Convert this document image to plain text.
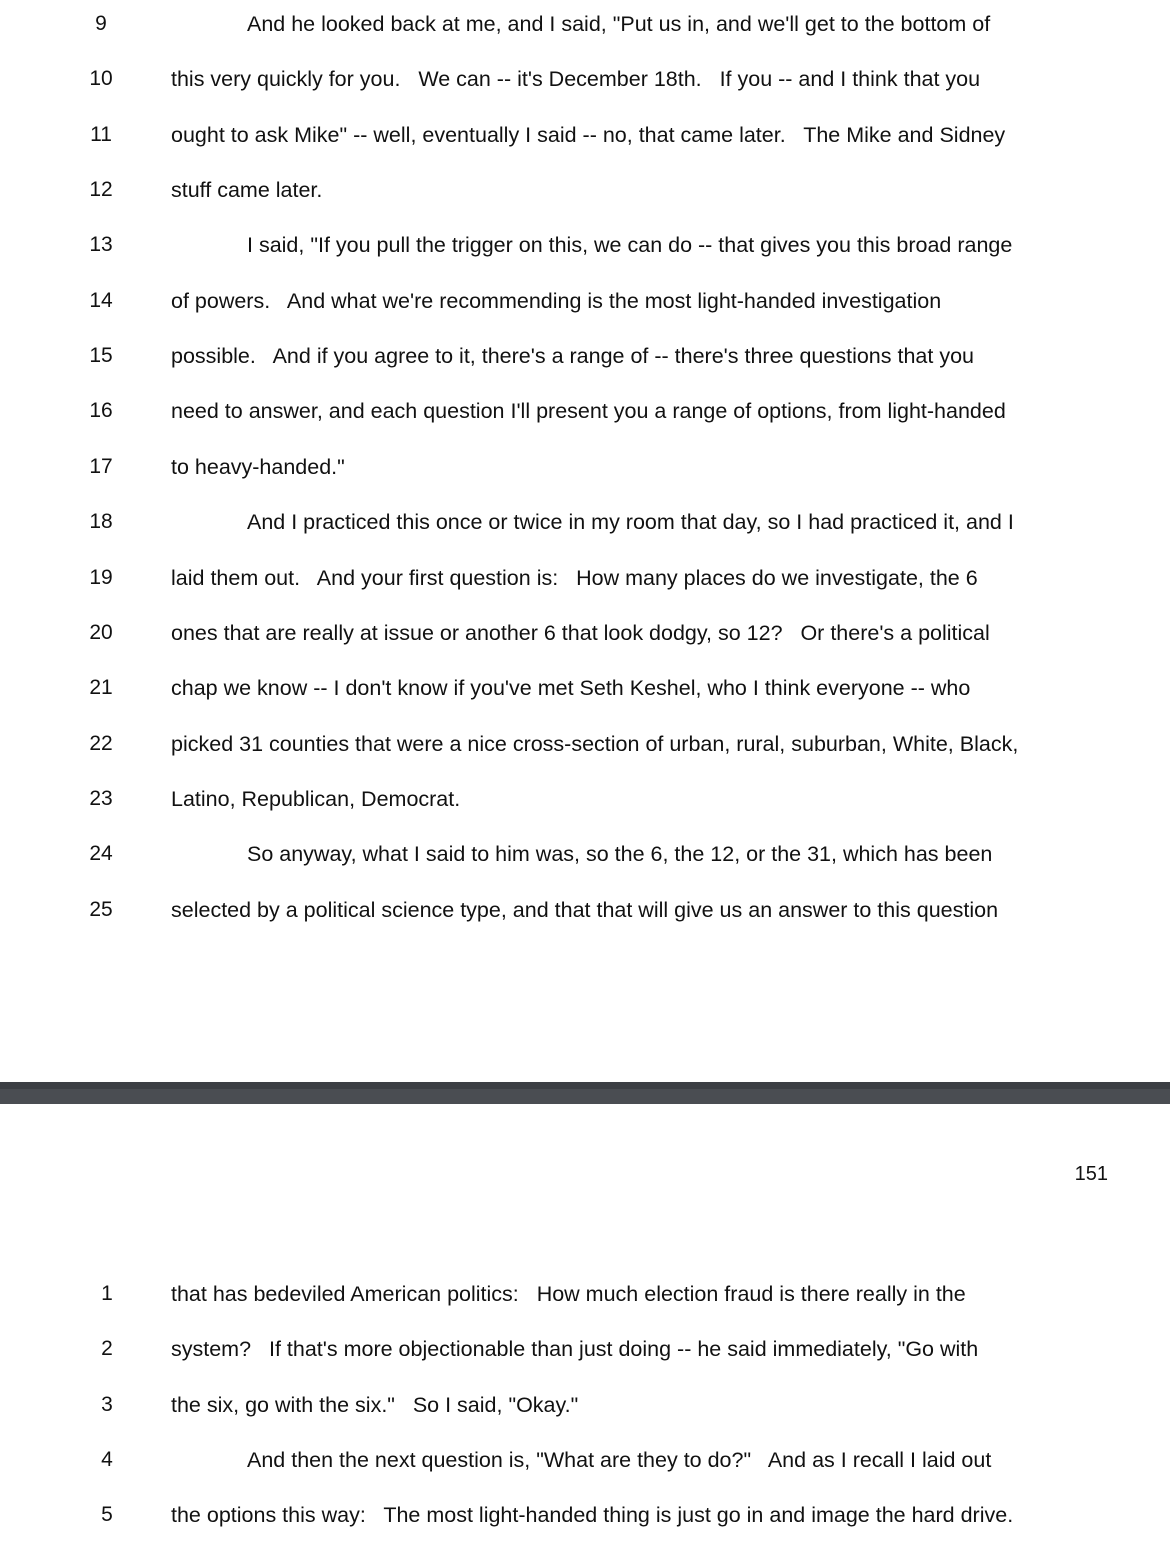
9	And he looked back at me, and I said, "Put us in, and we'll get to the bottom of
10	this very quickly for you.   We can -- it's December 18th.   If you -- and I think that you
11	ought to ask Mike" -- well, eventually I said -- no, that came later.   The Mike and Sidney
12	stuff came later.
13	I said, "If you pull the trigger on this, we can do -- that gives you this broad range
14	of powers.   And what we're recommending is the most light-handed investigation
15	possible.   And if you agree to it, there's a range of -- there's three questions that you
16	need to answer, and each question I'll present you a range of options, from light-handed
17	to heavy-handed."
18	And I practiced this once or twice in my room that day, so I had practiced it, and I
19	laid them out.   And your first question is:   How many places do we investigate, the 6
20	ones that are really at issue or another 6 that look dodgy, so 12?   Or there's a political
21	chap we know -- I don't know if you've met Seth Keshel, who I think everyone -- who
22	picked 31 counties that were a nice cross-section of urban, rural, suburban, White, Black,
23	Latino, Republican, Democrat.
24	So anyway, what I said to him was, so the 6, the 12, or the 31, which has been
25	selected by a political science type, and that that will give us an answer to this question
151
1	that has bedeviled American politics:   How much election fraud is there really in the
2	system?   If that's more objectionable than just doing -- he said immediately, "Go with
3	the six, go with the six."   So I said, "Okay."
4	And then the next question is, "What are they to do?"   And as I recall I laid out
5	the options this way:   The most light-handed thing is just go in and image the hard drive.
